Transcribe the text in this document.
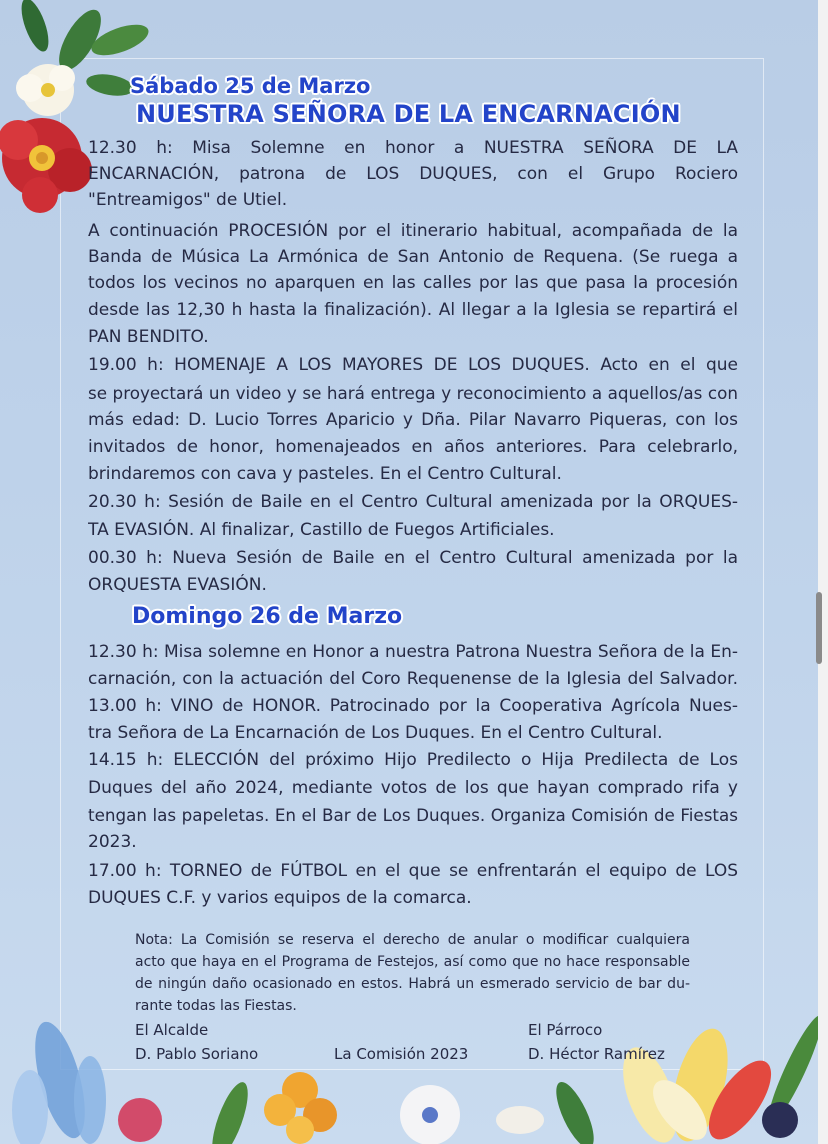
Sábado 25 de Marzo
NUESTRA SEÑORA DE LA ENCARNACIÓN
12.30 h: Misa Solemne en honor a NUESTRA SEÑORA DE LA
ENCARNACIÓN, patrona de LOS DUQUES, con el Grupo Rociero
"Entreamigos" de Utiel.
A continuación PROCESIÓN por el itinerario habitual, acompañada de la
Banda de Música La Armónica de San Antonio de Requena. (Se ruega a
todos los vecinos no aparquen en las calles por las que pasa la procesión
desde las 12,30 h hasta la finalización). Al llegar a la Iglesia se repartirá el
PAN BENDITO.
19.00 h: HOMENAJE A LOS MAYORES DE LOS DUQUES. Acto en el que
se proyectará un video y se hará entrega y reconocimiento a aquellos/as con
más edad: D. Lucio Torres Aparicio y Dña. Pilar Navarro Piqueras, con los
invitados de honor, homenajeados en años anteriores. Para celebrarlo,
brindaremos con cava y pasteles. En el Centro Cultural.
20.30 h: Sesión de Baile en el Centro Cultural amenizada por la ORQUES-
TA EVASIÓN. Al finalizar, Castillo de Fuegos Artificiales.
00.30 h: Nueva Sesión de Baile en el Centro Cultural amenizada por la
ORQUESTA EVASIÓN.
Domingo 26 de Marzo
12.30 h: Misa solemne en Honor a nuestra Patrona Nuestra Señora de la En-
carnación, con la actuación del Coro Requenense de la Iglesia del Salvador.
13.00 h: VINO de HONOR. Patrocinado por la Cooperativa Agrícola Nues-
tra Señora de La Encarnación de Los Duques. En el Centro Cultural.
14.15 h: ELECCIÓN del próximo Hijo Predilecto o Hija Predilecta de Los
Duques del año 2024, mediante votos de los que hayan comprado rifa y
tengan las papeletas. En el Bar de Los Duques. Organiza Comisión de Fiestas
2023.
17.00 h: TORNEO de FÚTBOL en el que se enfrentarán el equipo de LOS
DUQUES C.F. y varios equipos de la comarca.
Nota: La Comisión se reserva el derecho de anular o modificar cualquiera
acto que haya en el Programa de Festejos, así como que no hace responsable
de ningún daño ocasionado en estos. Habrá un esmerado servicio de bar du-
rante todas las Fiestas.
El Alcalde
D. Pablo Soriano	La Comisión 2023
El Párroco
D. Héctor Ramírez
